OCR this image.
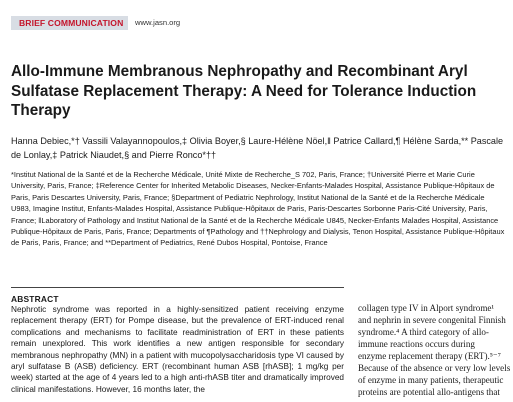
BRIEF COMMUNICATION	www.jasn.org
Allo-Immune Membranous Nephropathy and Recombinant Aryl Sulfatase Replacement Therapy: A Need for Tolerance Induction Therapy

Hanna Debiec,*† Vassili Valayannopoulos,‡ Olivia Boyer,§ Laure-Hélène Nöel,‖ Patrice Callard,¶ Hélène Sarda,** Pascale de Lonlay,‡ Patrick Niaudet,§ and Pierre Ronco*††

*Institut National de la Santé et de la Recherche Médicale, Unité Mixte de Recherche_S 702, Paris, France; †Université Pierre et Marie Curie University, Paris, France; ‡Reference Center for Inherited Metabolic Diseases, Necker-Enfants-Malades Hospital, Assistance Publique-Hôpitaux de Paris, Paris Descartes University, Paris, France; §Department of Pediatric Nephrology, Institut National de la Santé et de la Recherche Médicale U983, Imagine Institut, Enfants-Malades Hospital, Assistance Publique-Hôpitaux de Paris, Paris-Descartes Sorbonne Paris-Cité University, Paris, France; ‖Laboratory of Pathology and Institut National de la Santé et de la Recherche Médicale U845, Necker-Enfants Malades Hospital, Assistance Publique-Hôpitaux de Paris, Paris, France; Departments of ¶Pathology and ††Nephrology and Dialysis, Tenon Hospital, Assistance Publique-Hôpitaux de Paris, Paris, France; and **Department of Pediatrics, René Dubos Hospital, Pontoise, France

ABSTRACT

Nephrotic syndrome was reported in a highly-sensitized patient receiving enzyme replacement therapy (ERT) for Pompe disease, but the prevalence of ERT-induced renal complications and mechanisms to facilitate readministration of ERT in these patients remain unexplored. This work identifies a new antigen responsible for secondary membranous nephropathy (MN) in a patient with mucopolysaccharidosis type VI caused by aryl sulfatase B (ASB) deficiency. ERT (recombinant human ASB [rhASB]; 1 mg/kg per week) started at the age of 4 years led to a high anti-rhASB titer and dramatically improved clinical manifestations. However, 16 months later, the

collagen type IV in Alport syndrome¹
and nephrin in severe congenital Finnish
syndrome.⁴ A third category of allo-
immune reactions occurs during
enzyme replacement therapy (ERT).⁵⁻⁷
Because of the absence or very low levels
of enzyme in many patients, therapeutic
proteins are potential allo-antigens that
